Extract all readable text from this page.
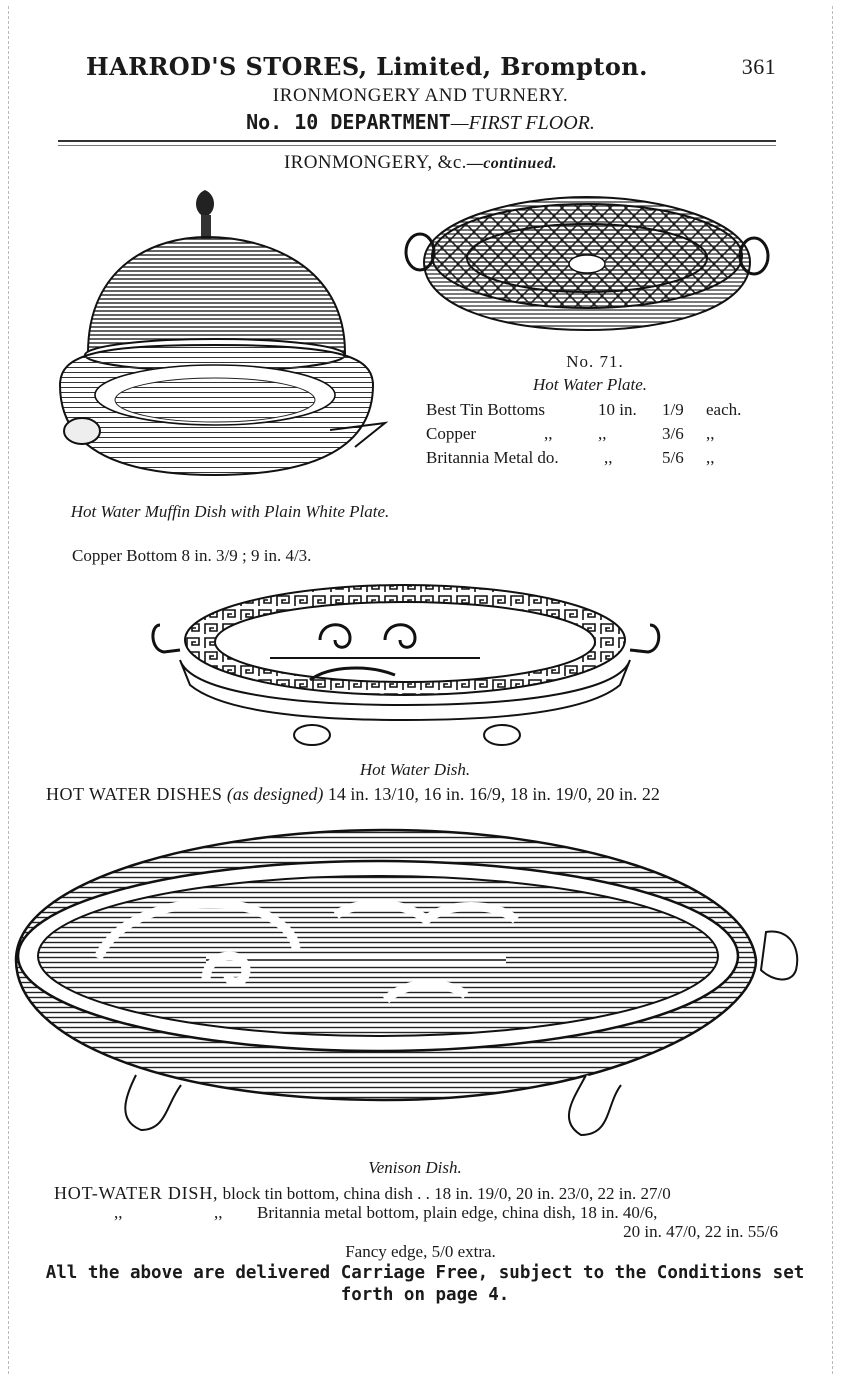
HARROD'S STORES, Limited, Brompton.	361
IRONMONGERY AND TURNERY.
No. 10 DEPARTMENT—FIRST FLOOR.
IRONMONGERY, &c.—continued.
No. 71.
Hot Water Plate.
Best Tin Bottoms	10 in. 1/9 each.
Copper	,,	,,	3/6 ,,
Britannia Metal do.	,,	5/6 ,,
Hot Water Muffin Dish with Plain White Plate.
Copper Bottom 8 in. 3/9 ; 9 in. 4/3.
Hot Water Dish.
HOT WATER DISHES (as designed) 14 in. 13/10, 16 in. 16/9, 18 in. 19/0, 20 in. 22
Venison Dish.
HOT-WATER DISH, block tin bottom, china dish . . 18 in. 19/0, 20 in. 23/0, 22 in. 27/0
,,	,, Britannia metal bottom, plain edge, china dish, 18 in. 40/6,
20 in. 47/0, 22 in. 55/6
Fancy edge, 5/0 extra.
All the above are delivered Carriage Free, subject to the Conditions set forth on page 4.
